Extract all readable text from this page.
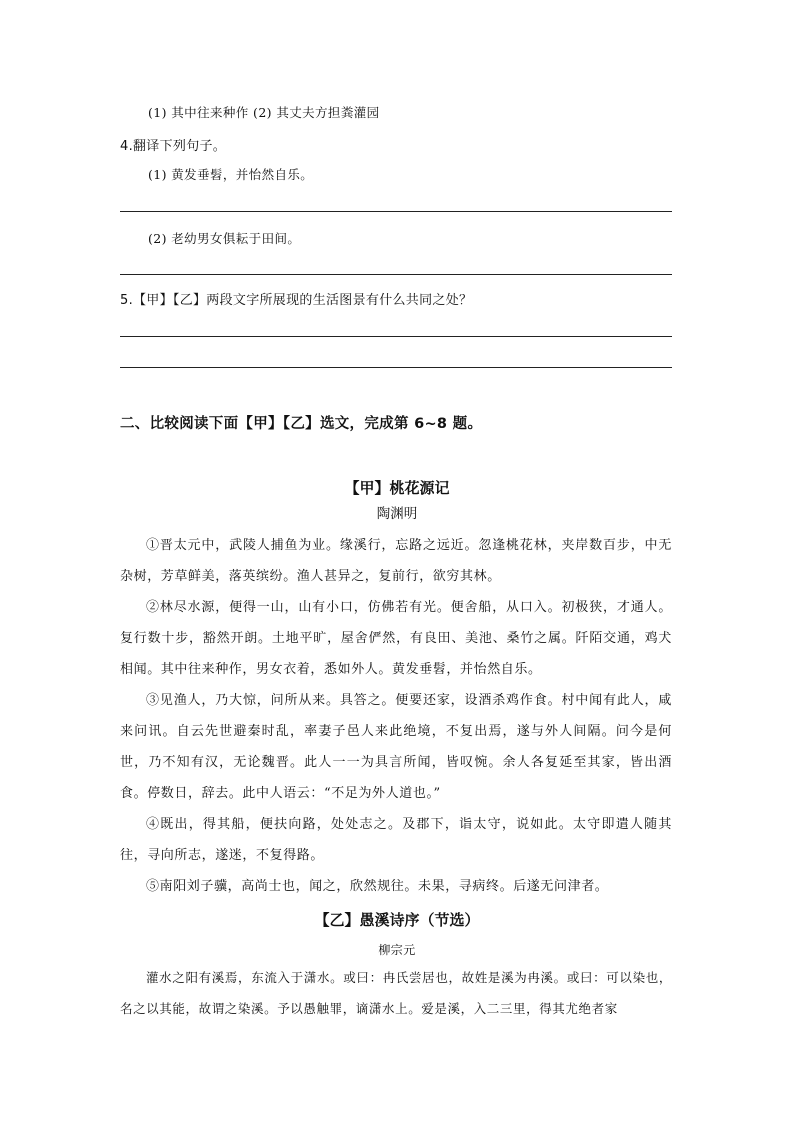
(1) 其中往来种作 (2) 其丈夫方担粪灌园
4.翻译下列句子。
(1) 黄发垂髫，并怡然自乐。
(2) 老幼男女俱耘于田间。
5.【甲】【乙】两段文字所展现的生活图景有什么共同之处？
二、比较阅读下面【甲】【乙】选文，完成第 6~8 题。
【甲】桃花源记
陶渊明
①晋太元中，武陵人捕鱼为业。缘溪行，忘路之远近。忽逢桃花林，夹岸数百步，中无杂树，芳草鲜美，落英缤纷。渔人甚异之，复前行，欲穷其林。
②林尽水源，便得一山，山有小口，仿佛若有光。便舍船，从口入。初极狭，才通人。复行数十步，豁然开朗。土地平旷，屋舍俨然，有良田、美池、桑竹之属。阡陌交通，鸡犬相闻。其中往来种作，男女衣着，悉如外人。黄发垂髫，并怡然自乐。
③见渔人，乃大惊，问所从来。具答之。便要还家，设酒杀鸡作食。村中闻有此人，咸来问讯。自云先世避秦时乱，率妻子邑人来此绝境，不复出焉，遂与外人间隔。问今是何世，乃不知有汉，无论魏晋。此人一一为具言所闻，皆叹惋。余人各复延至其家，皆出酒食。停数日，辞去。此中人语云：“不足为外人道也。”
④既出，得其船，便扶向路，处处志之。及郡下，诣太守，说如此。太守即遣人随其往，寻向所志，遂迷，不复得路。
⑤南阳刘子骥，高尚士也，闻之，欣然规往。未果，寻病终。后遂无问津者。
【乙】愚溪诗序（节选）
柳宗元
灌水之阳有溪焉，东流入于潇水。或曰：冉氏尝居也，故姓是溪为冉溪。或曰：可以染也，名之以其能，故谓之染溪。予以愚触罪，谪潇水上。爱是溪，入二三里，得其尤绝者家
